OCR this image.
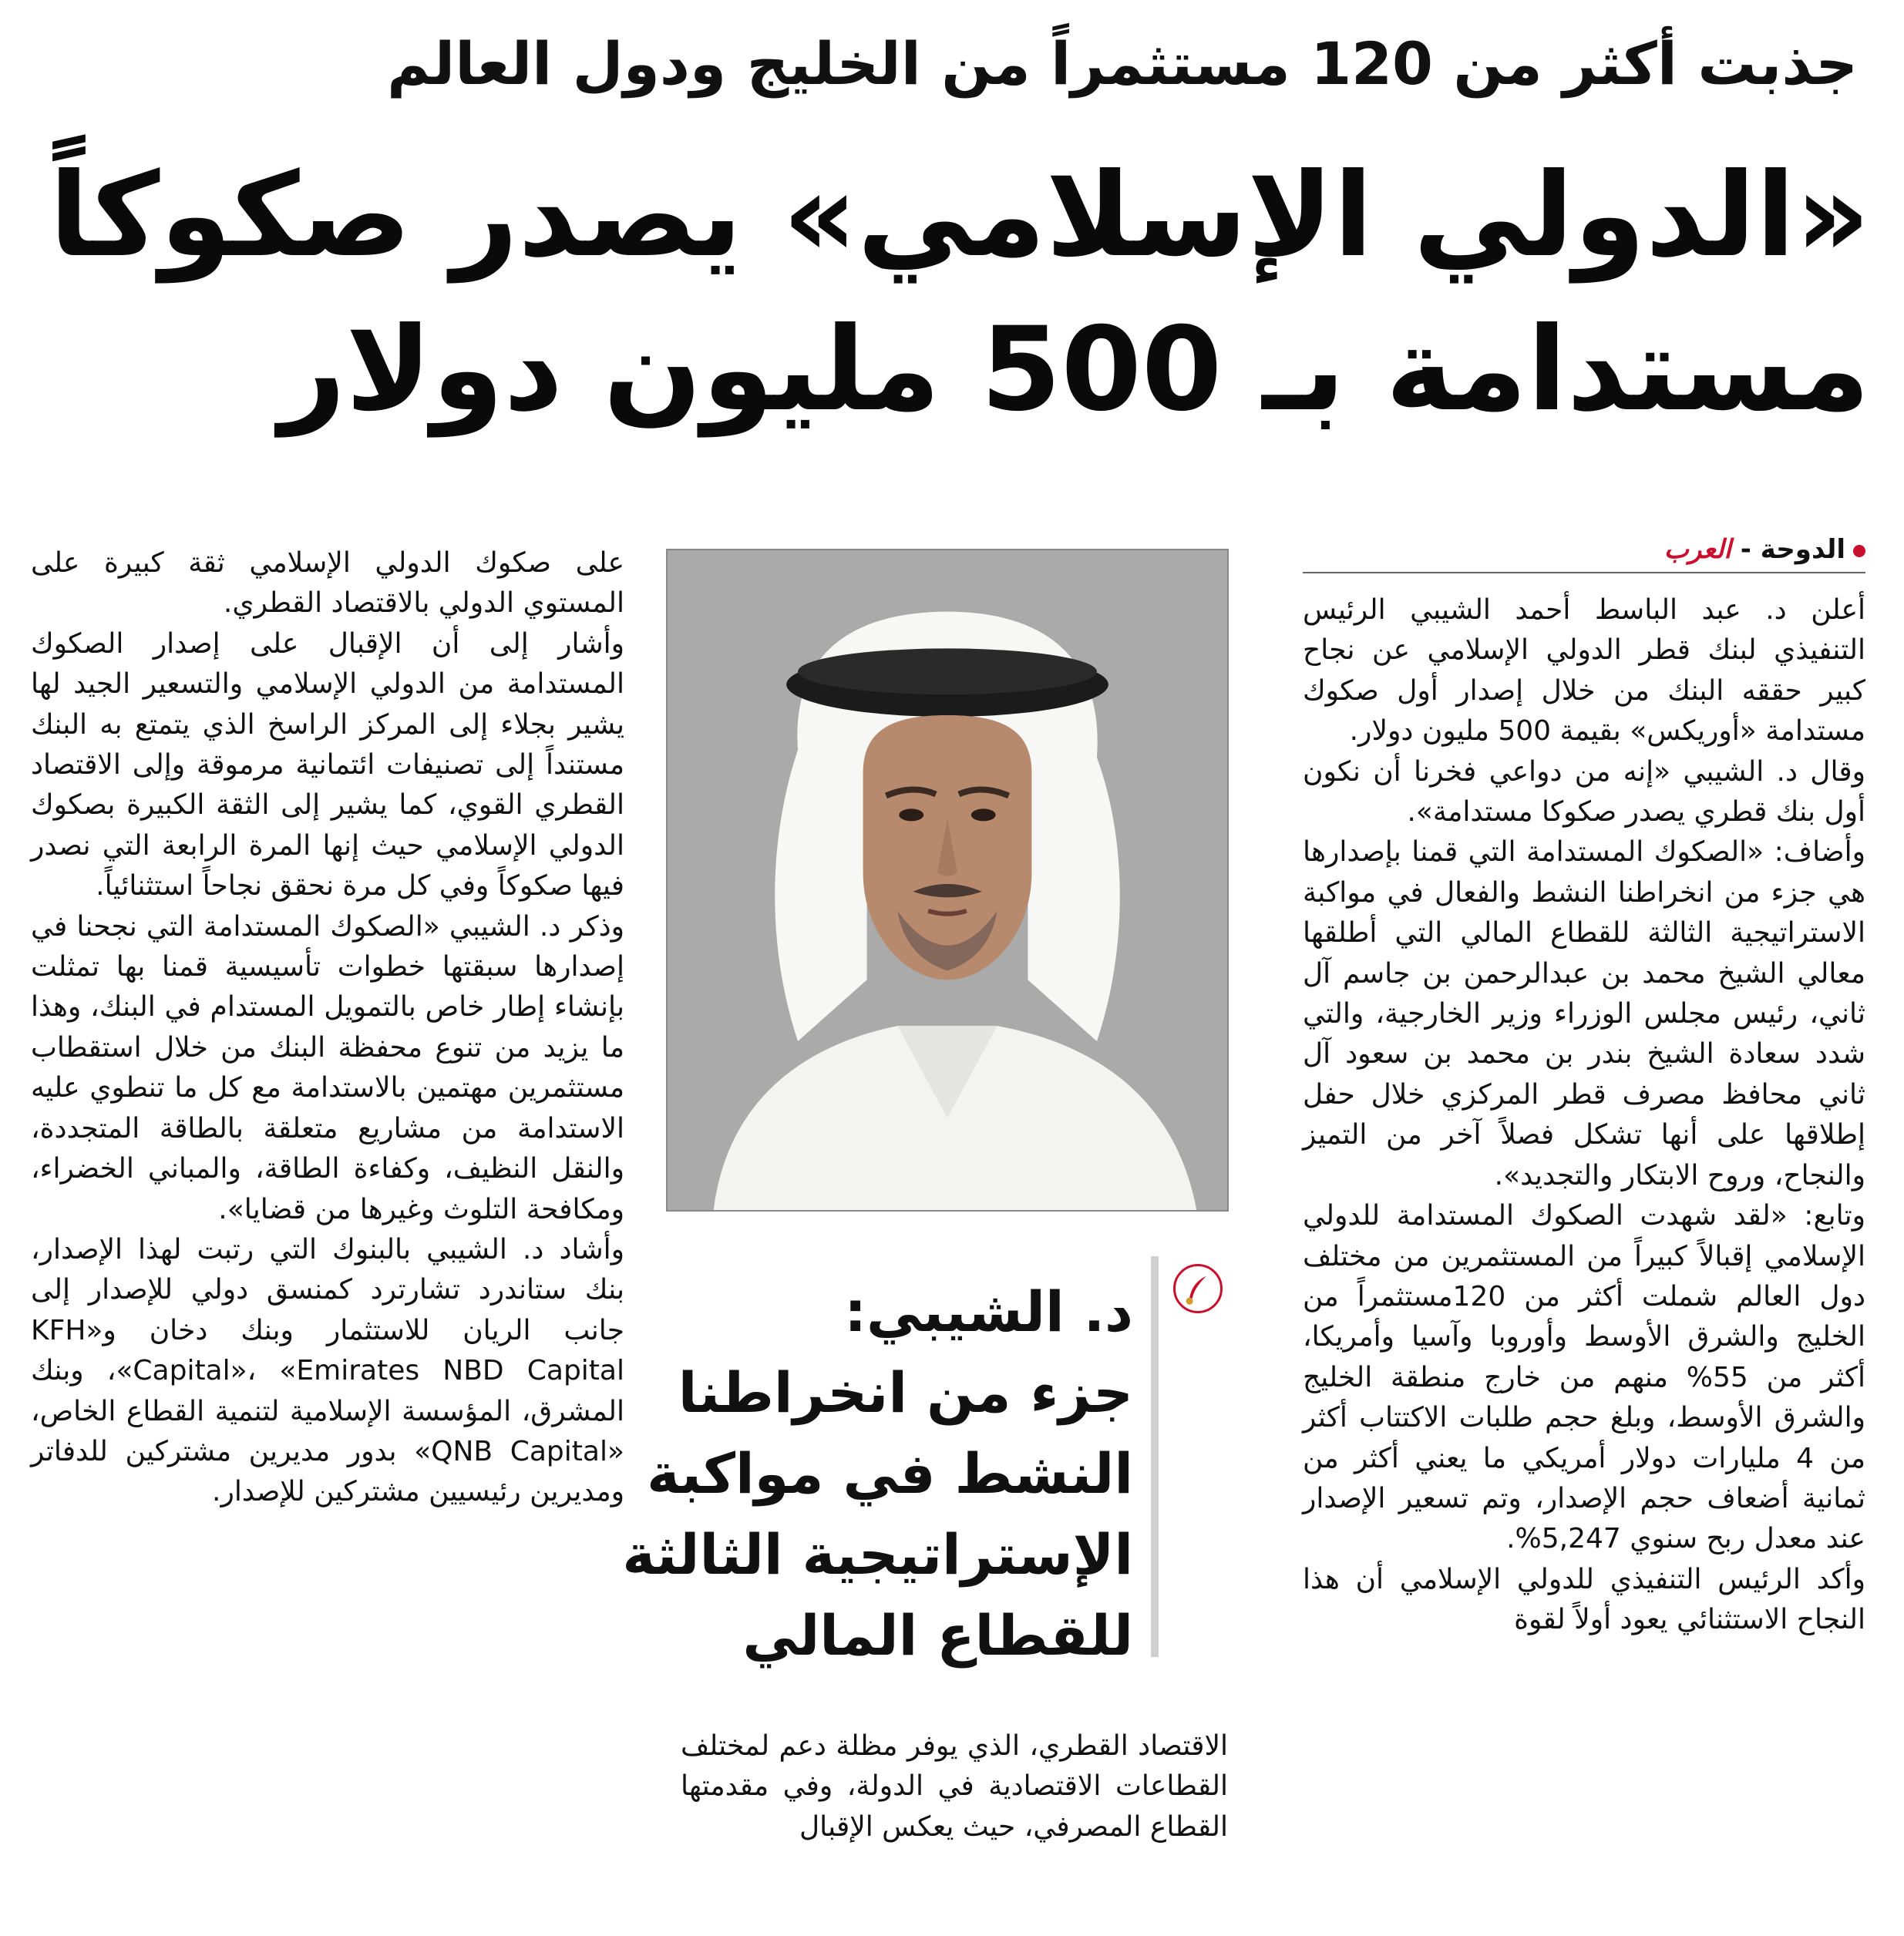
جذبت أكثر من 120 مستثمراً من الخليج ودول العالم
«الدولي الإسلامي» يصدر صكوكاً
مستدامة بـ 500 مليون دولار
الدوحة - العرب

أعلن د. عبد الباسط أحمد الشيبي الرئيس التنفيذي لبنك قطر الدولي الإسلامي عن نجاح كبير حققه البنك من خلال إصدار أول صكوك مستدامة «أوريكس» بقيمة 500 مليون دولار.

وقال د. الشيبي «إنه من دواعي فخرنا أن نكون أول بنك قطري يصدر صكوكا مستدامة».

وأضاف: «الصكوك المستدامة التي قمنا بإصدارها هي جزء من انخراطنا النشط والفعال في مواكبة الاستراتيجية الثالثة للقطاع المالي التي أطلقها معالي الشيخ محمد بن عبدالرحمن بن جاسم آل ثاني، رئيس مجلس الوزراء وزير الخارجية، والتي شدد سعادة الشيخ بندر بن محمد بن سعود آل ثاني محافظ مصرف قطر المركزي خلال حفل إطلاقها على أنها تشكل فصلاً آخر من التميز والنجاح، وروح الابتكار والتجديد».

وتابع: «لقد شهدت الصكوك المستدامة للدولي الإسلامي إقبالاً كبيراً من المستثمرين من مختلف دول العالم شملت أكثر من 120مستثمراً من الخليج والشرق الأوسط وأوروبا وآسيا وأمريكا، أكثر من 55% منهم من خارج منطقة الخليج والشرق الأوسط، وبلغ حجم طلبات الاكتتاب أكثر من 4 مليارات دولار أمريكي ما يعني أكثر من ثمانية أضعاف حجم الإصدار، وتم تسعير الإصدار عند معدل ربح سنوي 5,247%.

وأكد الرئيس التنفيذي للدولي الإسلامي أن هذا النجاح الاستثنائي يعود أولاً لقوة

د. الشيبي:
جزء من انخراطنا
النشط في مواكبة
الإستراتيجية الثالثة
للقطاع المالي

الاقتصاد القطري، الذي يوفر مظلة دعم لمختلف القطاعات الاقتصادية في الدولة، وفي مقدمتها القطاع المصرفي، حيث يعكس الإقبال

على صكوك الدولي الإسلامي ثقة كبيرة على المستوي الدولي بالاقتصاد القطري.

وأشار إلى أن الإقبال على إصدار الصكوك المستدامة من الدولي الإسلامي والتسعير الجيد لها يشير بجلاء إلى المركز الراسخ الذي يتمتع به البنك مستنداً إلى تصنيفات ائتمانية مرموقة وإلى الاقتصاد القطري القوي، كما يشير إلى الثقة الكبيرة بصكوك الدولي الإسلامي حيث إنها المرة الرابعة التي نصدر فيها صكوكاً وفي كل مرة نحقق نجاحاً استثنائياً.

وذكر د. الشيبي «الصكوك المستدامة التي نجحنا في إصدارها سبقتها خطوات تأسيسية قمنا بها تمثلت بإنشاء إطار خاص بالتمويل المستدام في البنك، وهذا ما يزيد من تنوع محفظة البنك من خلال استقطاب مستثمرين مهتمين بالاستدامة مع كل ما تنطوي عليه الاستدامة من مشاريع متعلقة بالطاقة المتجددة، والنقل النظيف، وكفاءة الطاقة، والمباني الخضراء، ومكافحة التلوث وغيرها من قضايا».

وأشاد د. الشيبي بالبنوك التي رتبت لهذا الإصدار، بنك ستاندرد تشارترد كمنسق دولي للإصدار إلى جانب الريان للاستثمار وبنك دخان و«KFH Capital»، «Emirates NBD Capital»، وبنك المشرق، المؤسسة الإسلامية لتنمية القطاع الخاص، «QNB Capital» بدور مديرين مشتركين للدفاتر ومديرين رئيسيين مشتركين للإصدار.
